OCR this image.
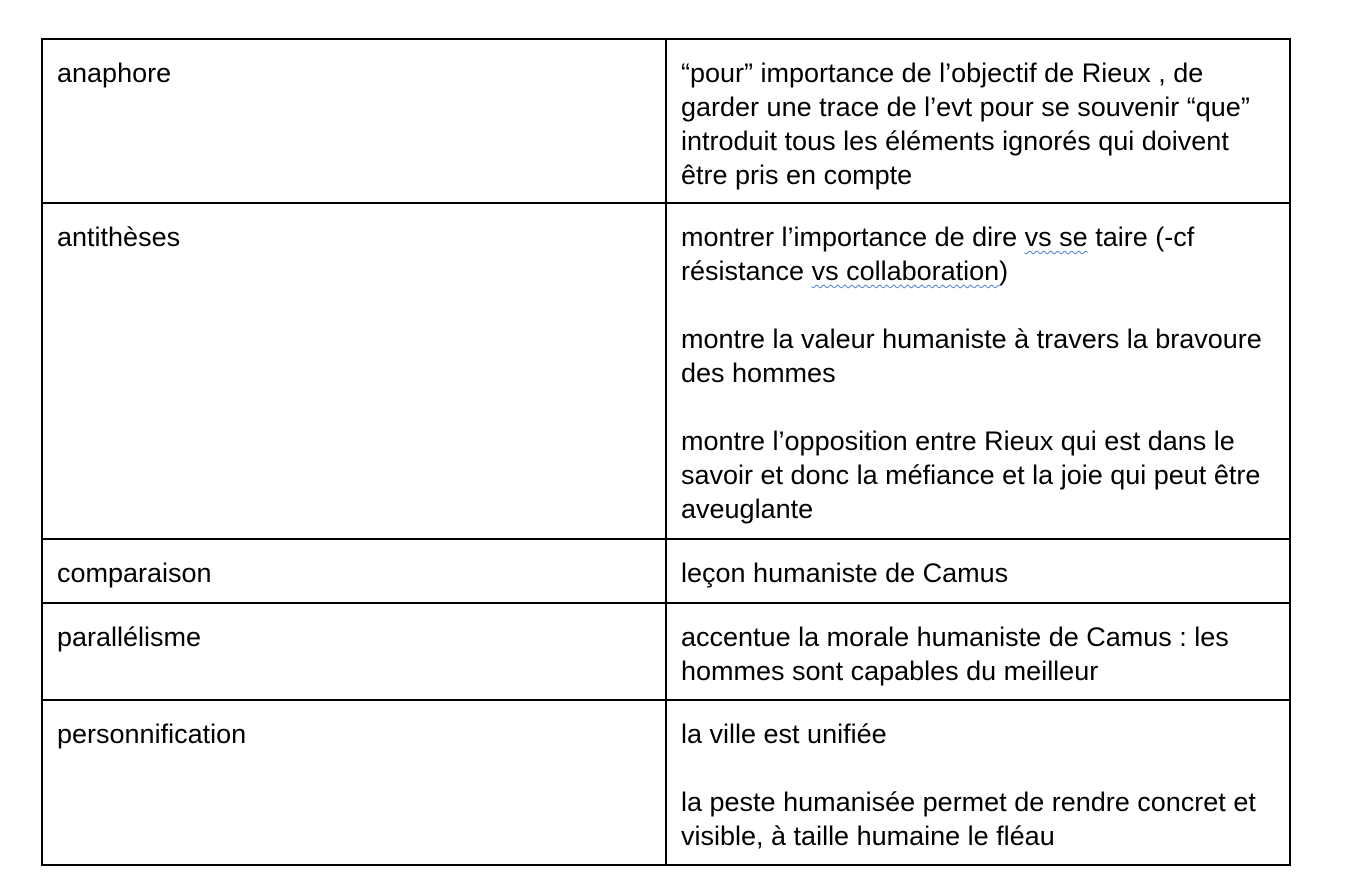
anaphore	“pour” importance de l’objectif de Rieux , de garder une trace de l’evt pour se souvenir “que” introduit tous les éléments ignorés qui doivent être pris en compte

antithèses	montrer l’importance de dire vs se taire (-cf résistance vs collaboration)

montre la valeur humaniste à travers la bravoure des hommes

montre l’opposition entre Rieux qui est dans le savoir et donc la méfiance et la joie qui peut être aveuglante

comparaison	leçon humaniste de Camus

parallélisme	accentue la morale humaniste de Camus : les hommes sont capables du meilleur

personnification	la ville est unifiée

la peste humanisée permet de rendre concret et visible, à taille humaine le fléau
